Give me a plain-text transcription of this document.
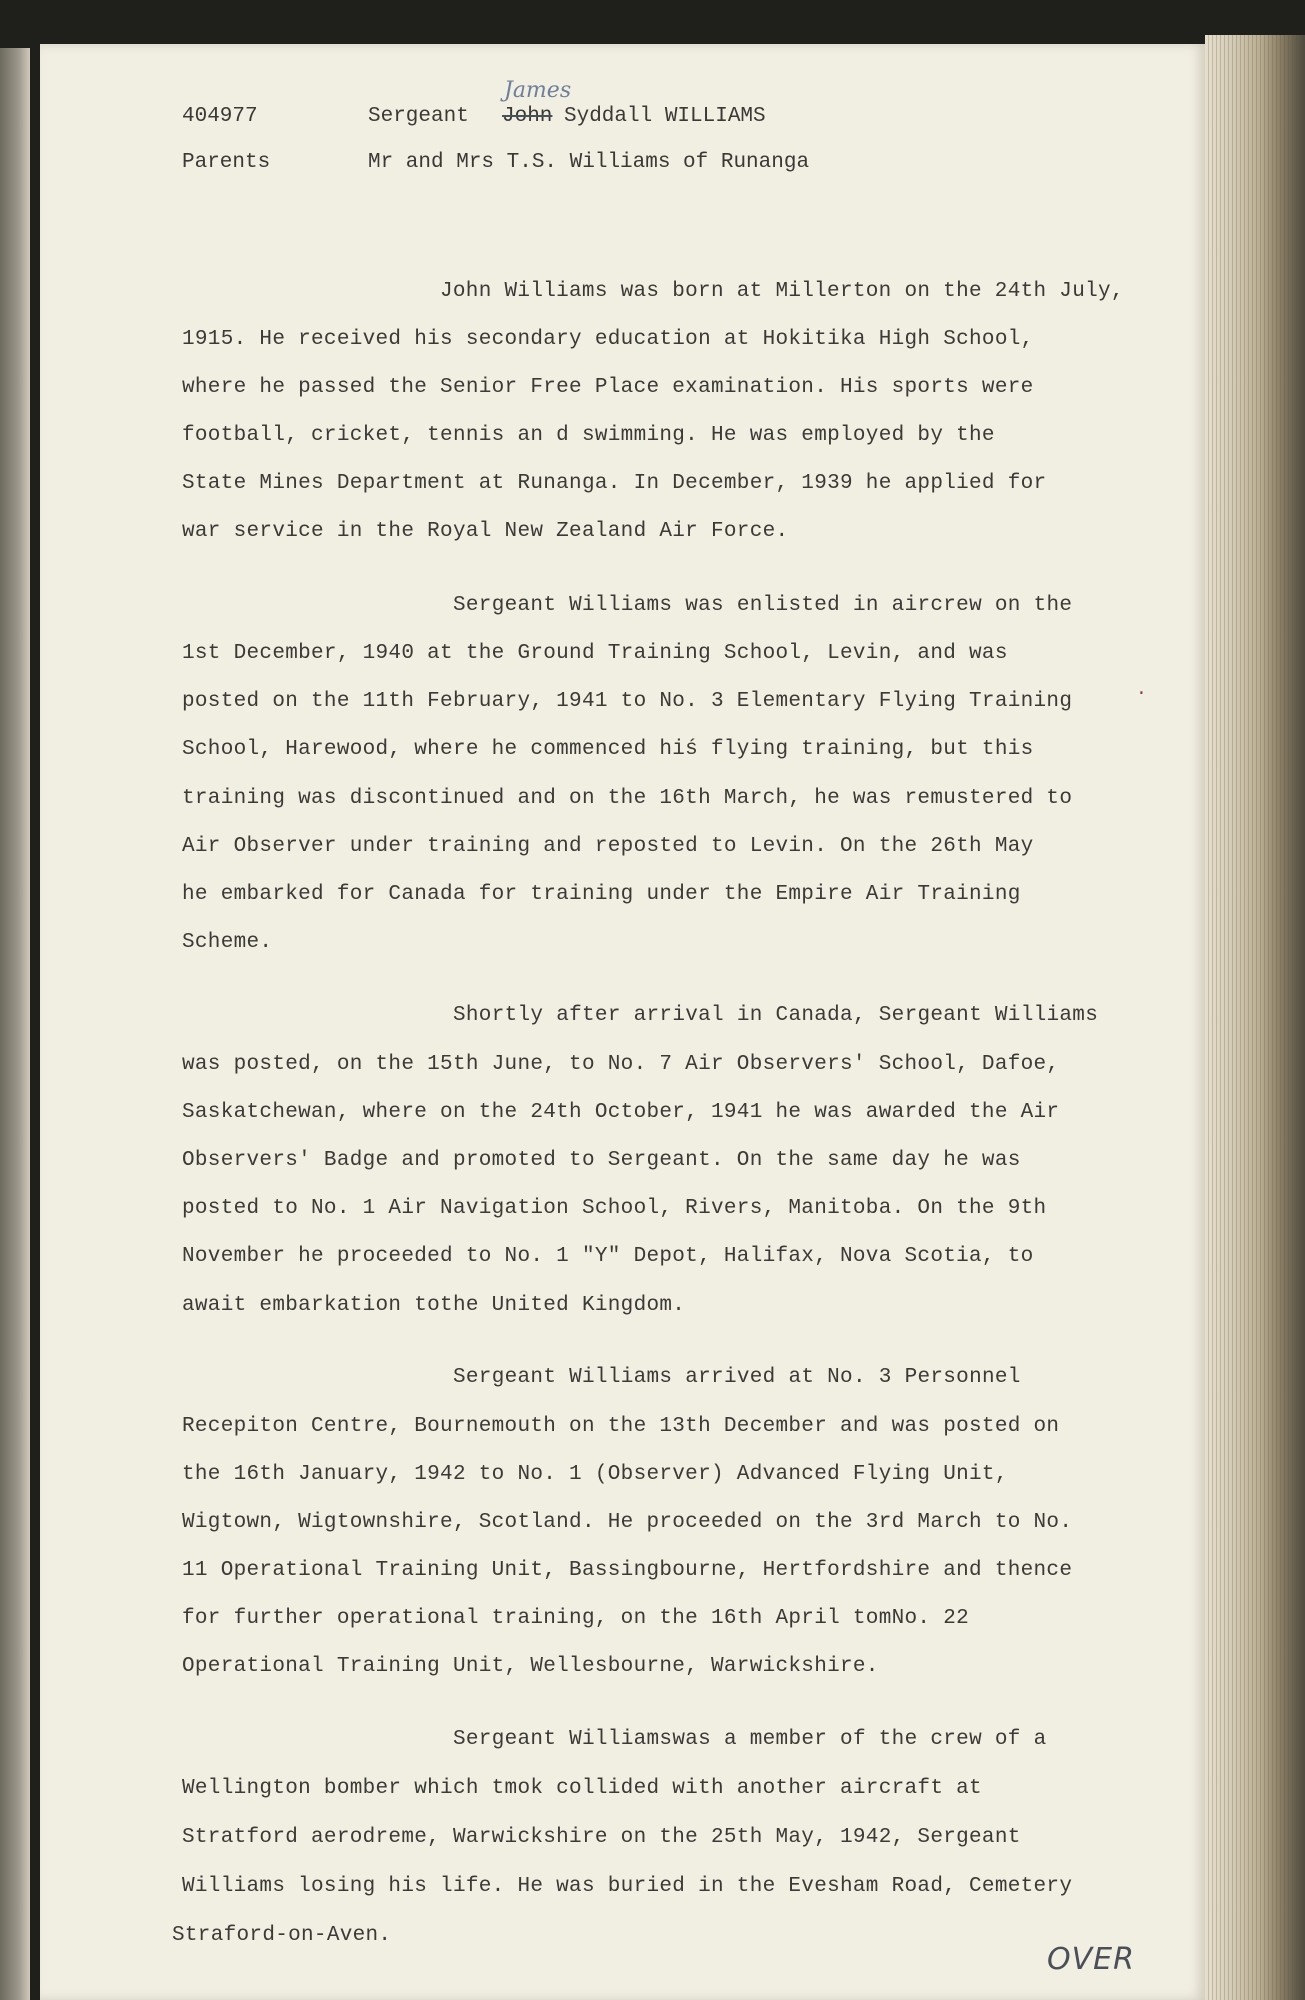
404977	Sergeant
James
John Syddall WILLIAMS
Parents	Mr and Mrs T.S. Williams of Runanga
John Williams was born at Millerton on the 24th July,
1915. He received his secondary education at Hokitika High School,
where he passed the Senior Free Place examination. His sports were
football, cricket, tennis an d swimming. He was employed by the
State Mines Department at Runanga. In December, 1939 he applied for
war service in the Royal New Zealand Air Force.
Sergeant Williams was enlisted in aircrew on the
1st December, 1940 at the Ground Training School, Levin, and was
posted on the 11th February, 1941 to No. 3 Elementary Flying Training
School, Harewood, where he commenced hiś flying training, but this
training was discontinued and on the 16th March, he was remustered to
Air Observer under training and reposted to Levin. On the 26th May
he embarked for Canada for training under the Empire Air Training
Scheme.
Shortly after arrival in Canada, Sergeant Williams
was posted, on the 15th June, to No. 7 Air Observers' School, Dafoe,
Saskatchewan, where on the 24th October, 1941 he was awarded the Air
Observers' Badge and promoted to Sergeant. On the same day he was
posted to No. 1 Air Navigation School, Rivers, Manitoba. On the 9th
November he proceeded to No. 1 "Y" Depot, Halifax, Nova Scotia, to
await embarkation tothe United Kingdom.
Sergeant Williams arrived at No. 3 Personnel
Recepiton Centre, Bournemouth on the 13th December and was posted on
the 16th January, 1942 to No. 1 (Observer) Advanced Flying Unit,
Wigtown, Wigtownshire, Scotland. He proceeded on the 3rd March to No.
11 Operational Training Unit, Bassingbourne, Hertfordshire and thence
for further operational training, on the 16th April tomNo. 22
Operational Training Unit, Wellesbourne, Warwickshire.
Sergeant Williamswas a member of the crew of a
Wellington bomber which tmok collided with another aircraft at
Stratford aerodreme, Warwickshire on the 25th May, 1942, Sergeant
Williams losing his life. He was buried in the Evesham Road, Cemetery
Straford-on-Aven.
·
OVER
